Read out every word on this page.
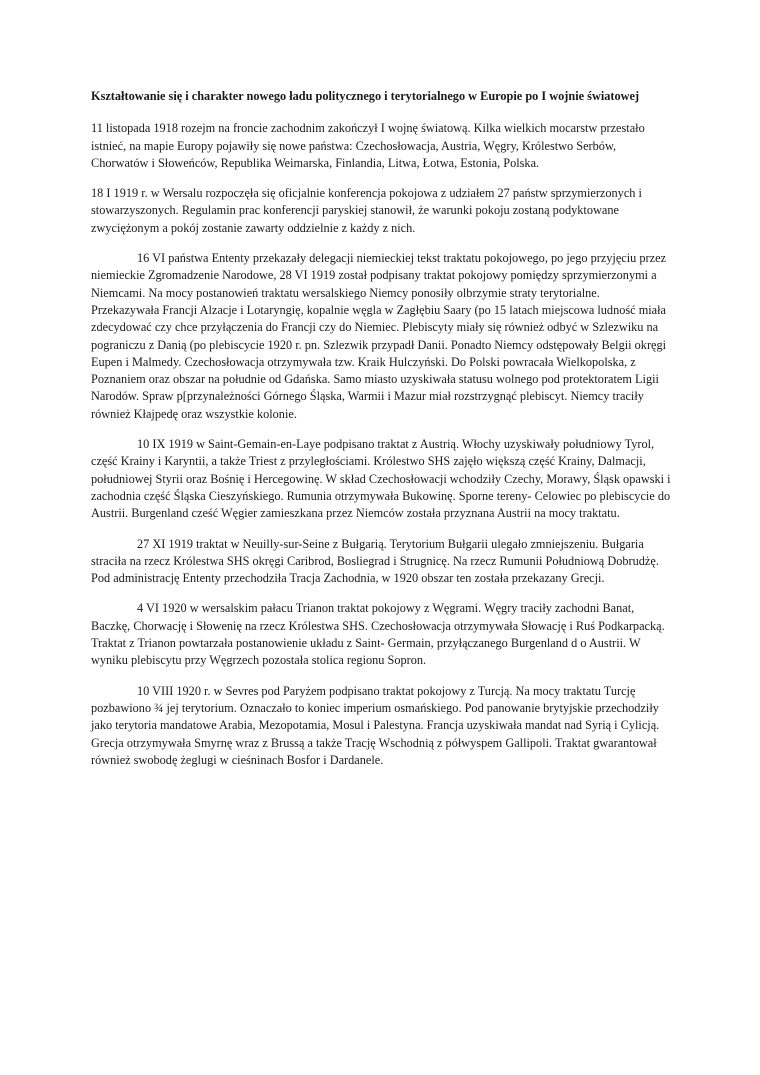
Kształtowanie się i charakter nowego ładu politycznego i terytorialnego w Europie po I wojnie światowej

11 listopada 1918 rozejm na froncie zachodnim zakończył I wojnę światową. Kilka wielkich mocarstw przestało istnieć, na mapie Europy pojawiły się nowe państwa: Czechosłowacja, Austria, Węgry, Królestwo Serbów, Chorwatów i Słoweńców, Republika Weimarska, Finlandia, Litwa, Łotwa, Estonia, Polska.

18 I 1919 r. w Wersalu rozpoczęła się oficjalnie konferencja pokojowa z udziałem 27 państw sprzymierzonych i stowarzyszonych. Regulamin prac konferencji paryskiej stanowił, że warunki pokoju zostaną podyktowane zwyciężonym a pokój zostanie zawarty oddzielnie z każdy z nich.

16 VI państwa Ententy przekazały delegacji niemieckiej tekst traktatu pokojowego, po jego przyjęciu przez niemieckie Zgromadzenie Narodowe, 28 VI 1919 został podpisany traktat pokojowy pomiędzy sprzymierzonymi a Niemcami. Na mocy postanowień traktatu wersalskiego Niemcy ponosiły olbrzymie straty terytorialne. Przekazywała Francji Alzacje i Lotaryngię, kopalnie węgla w Zagłębiu Saary (po 15 latach miejscowa ludność miała zdecydować czy chce przyłączenia do Francji czy do Niemiec. Plebiscyty miały się również odbyć w Szlezwiku na pograniczu z Danią (po plebiscycie 1920 r. pn. Szlezwik przypadł Danii. Ponadto Niemcy odstępowały Belgii okręgi Eupen i Malmedy. Czechosłowacja otrzymywała tzw. Kraik Hulczyński. Do Polski powracała Wielkopolska, z Poznaniem oraz obszar na południe od Gdańska. Samo miasto uzyskiwała statusu wolnego pod protektoratem Ligii Narodów. Spraw p[przynależności Górnego Śląska, Warmii i Mazur miał rozstrzygnąć plebiscyt. Niemcy traciły również Kłajpedę oraz wszystkie kolonie.

10 IX 1919 w Saint-Gemain-en-Laye podpisano traktat z Austrią. Włochy uzyskiwały południowy Tyrol, część Krainy i Karyntii, a także Triest z przyległościami. Królestwo SHS zajęło większą część Krainy, Dalmacji, południowej Styrii oraz Bośnię i Hercegowinę. W skład Czechosłowacji wchodziły Czechy, Morawy, Śląsk opawski i zachodnia część Śląska Cieszyńskiego. Rumunia otrzymywała Bukowinę. Sporne tereny- Celowiec po plebiscycie do Austrii. Burgenland cześć Węgier zamieszkana przez Niemców została przyznana Austrii na mocy traktatu.

27 XI 1919 traktat w Neuilly-sur-Seine z Bułgarią. Terytorium Bułgarii ulegało zmniejszeniu. Bułgaria straciła na rzecz Królestwa SHS okręgi Caribrod, Bosliegrad i Strugnicę. Na rzecz Rumunii Południową Dobrudżę. Pod administrację Ententy przechodziła Tracja Zachodnia, w 1920 obszar ten została przekazany Grecji.

4 VI 1920 w wersalskim pałacu Trianon traktat pokojowy z Węgrami. Węgry traciły zachodni Banat, Baczkę, Chorwację i Słowenię na rzecz Królestwa SHS. Czechosłowacja otrzymywała Słowację i Ruś Podkarpacką. Traktat z Trianon powtarzała postanowienie układu z Saint- Germain, przyłączanego Burgenland d o Austrii. W wyniku plebiscytu przy Węgrzech pozostała stolica regionu Sopron.

10 VIII 1920 r. w Sevres pod Paryżem podpisano traktat pokojowy z Turcją. Na mocy traktatu Turcję pozbawiono ¾ jej terytorium. Oznaczało to koniec imperium osmańskiego. Pod panowanie brytyjskie przechodziły jako terytoria mandatowe Arabia, Mezopotamia, Mosul i Palestyna. Francja uzyskiwała mandat nad Syrią i Cylicją. Grecja otrzymywała Smyrnę wraz z Brussą a także Trację Wschodnią z półwyspem Gallipoli. Traktat gwarantował również swobodę żeglugi w cieśninach Bosfor i Dardanele.
